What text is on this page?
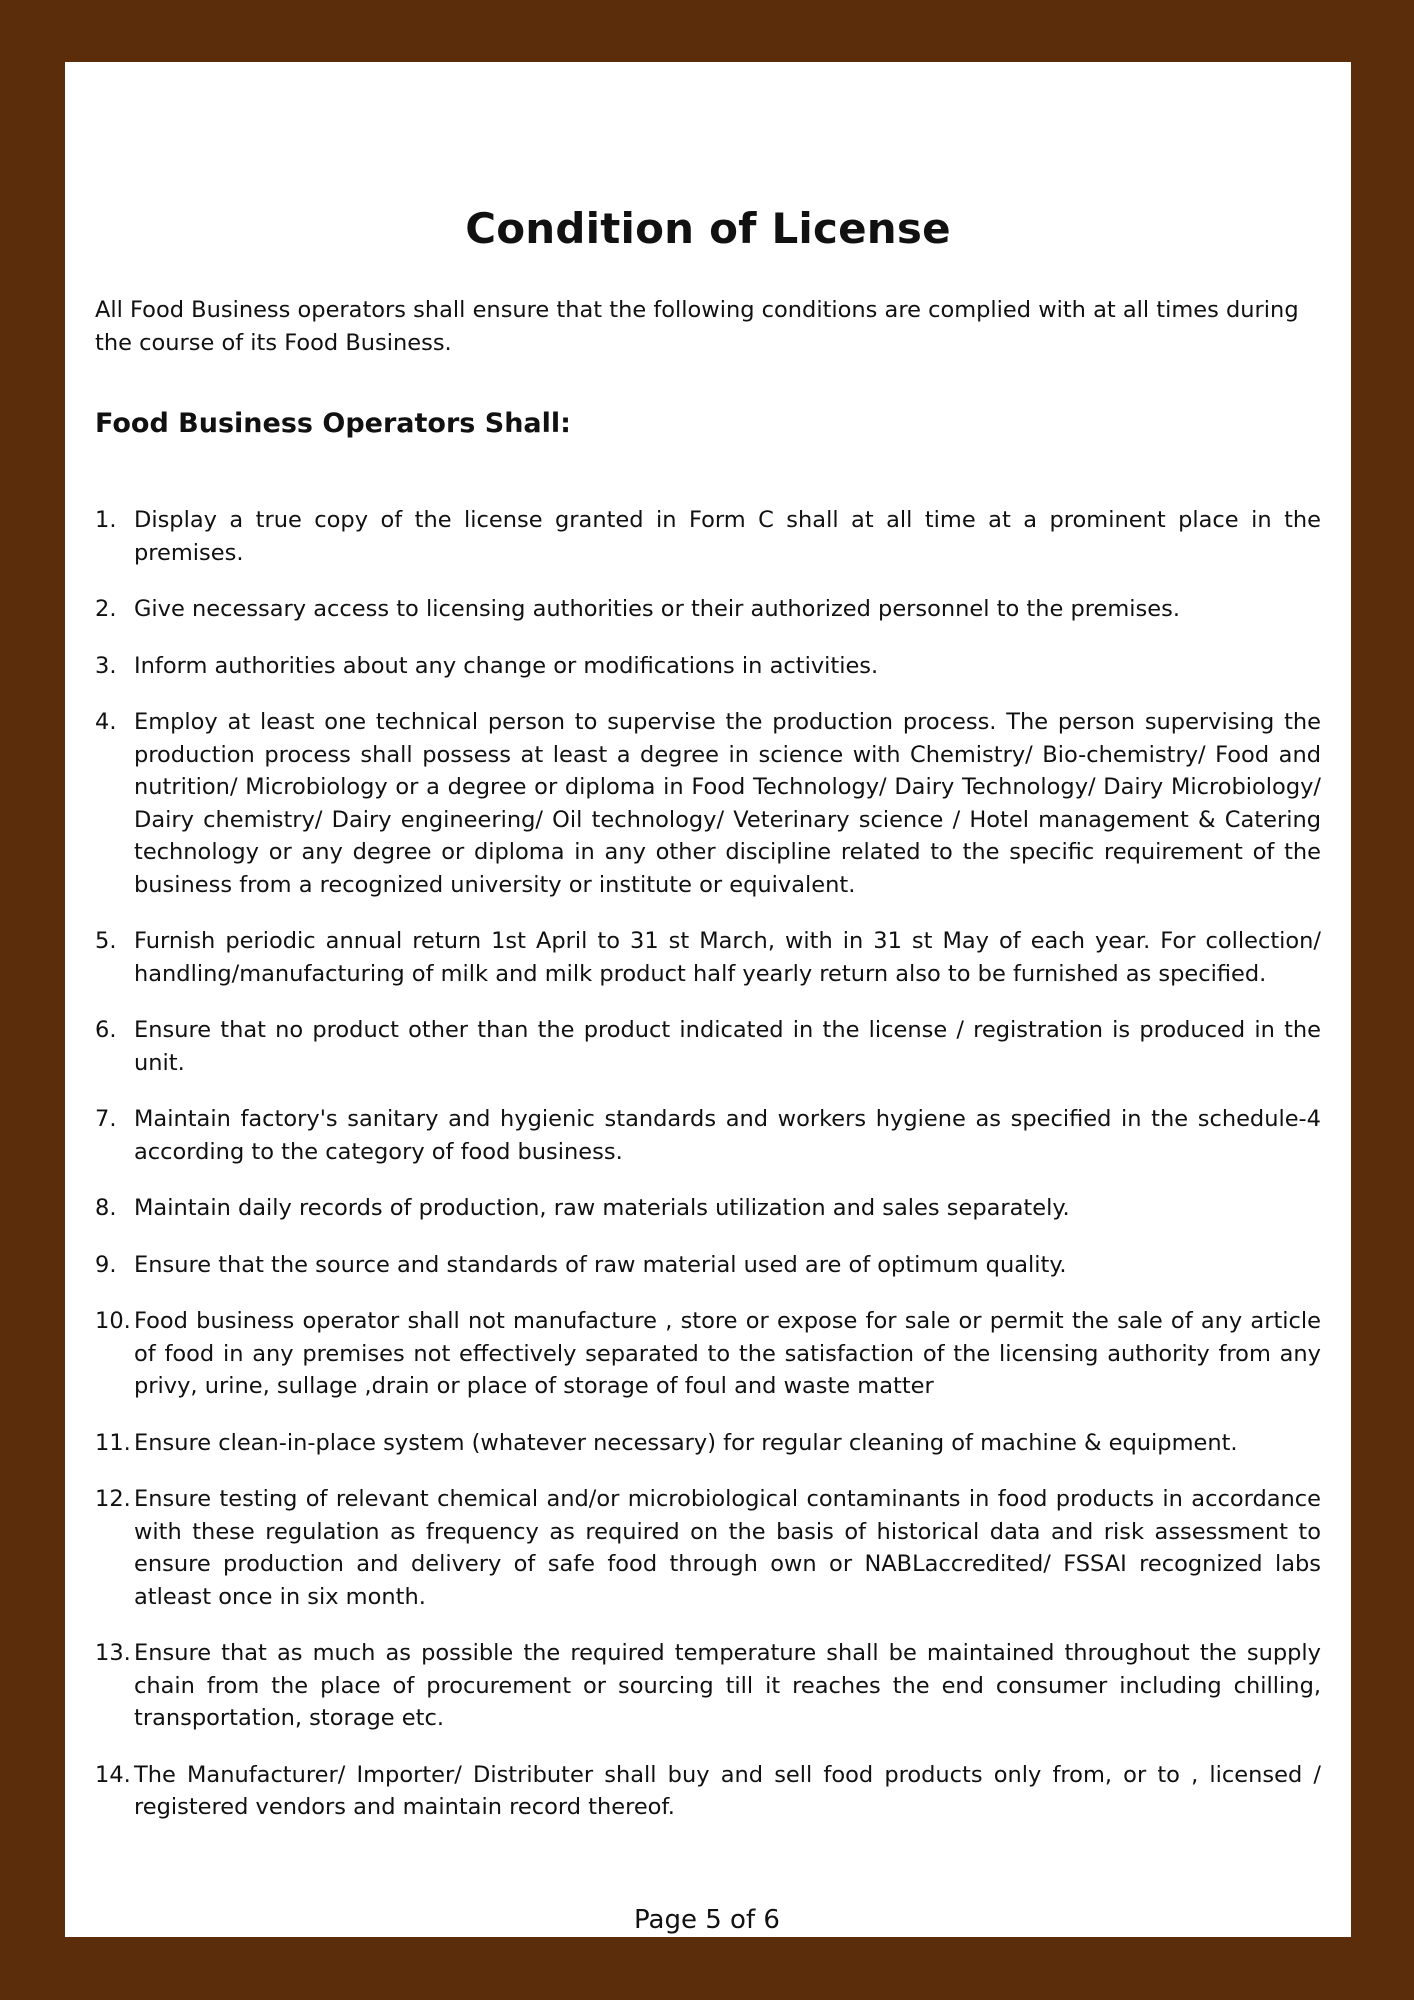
Condition of License
All Food Business operators shall ensure that the following conditions are complied with at all times during the course of its Food Business.
Food Business Operators Shall:
1. Display a true copy of the license granted in Form C shall at all time at a prominent place in the premises.
2. Give necessary access to licensing authorities or their authorized personnel to the premises.
3. Inform authorities about any change or modifications in activities.
4. Employ at least one technical person to supervise the production process. The person supervising the production process shall possess at least a degree in science with Chemistry/ Bio-chemistry/ Food and nutrition/ Microbiology or a degree or diploma in Food Technology/ Dairy Technology/ Dairy Microbiology/ Dairy chemistry/ Dairy engineering/ Oil technology/ Veterinary science / Hotel management & Catering technology or any degree or diploma in any other discipline related to the specific requirement of the business from a recognized university or institute or equivalent.
5. Furnish periodic annual return 1st April to 31 st March, with in 31 st May of each year. For collection/ handling/manufacturing of milk and milk product half yearly return also to be furnished as specified.
6. Ensure that no product other than the product indicated in the license / registration is produced in the unit.
7. Maintain factory's sanitary and hygienic standards and workers hygiene as specified in the schedule-4 according to the category of food business.
8. Maintain daily records of production, raw materials utilization and sales separately.
9. Ensure that the source and standards of raw material used are of optimum quality.
10. Food business operator shall not manufacture , store or expose for sale or permit the sale of any article of food in any premises not effectively separated to the satisfaction of the licensing authority from any privy, urine, sullage ,drain or place of storage of foul and waste matter
11. Ensure clean-in-place system (whatever necessary) for regular cleaning of machine & equipment.
12. Ensure testing of relevant chemical and/or microbiological contaminants in food products in accordance with these regulation as frequency as required on the basis of historical data and risk assessment to ensure production and delivery of safe food through own or NABLaccredited/ FSSAI recognized labs atleast once in six month.
13. Ensure that as much as possible the required temperature shall be maintained throughout the supply chain from the place of procurement or sourcing till it reaches the end consumer including chilling, transportation, storage etc.
14. The Manufacturer/ Importer/ Distributer shall buy and sell food products only from, or to , licensed / registered vendors and maintain record thereof.
Page 5 of 6
